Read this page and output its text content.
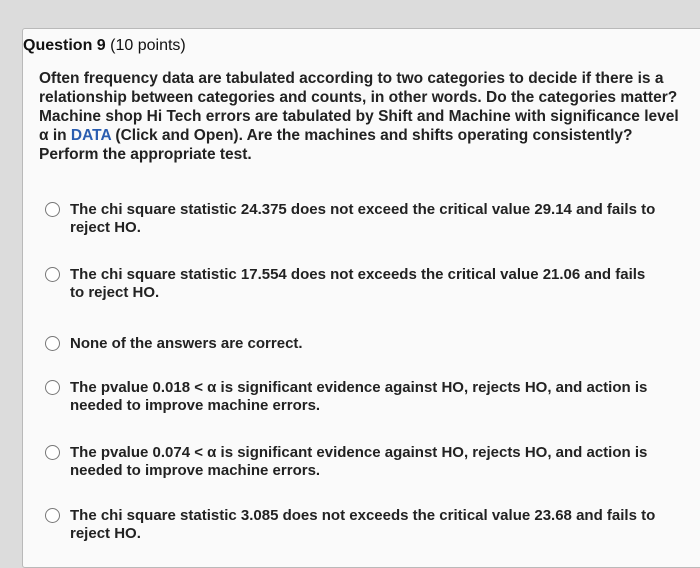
Question 9 (10 points)
Often frequency data are tabulated according to two categories to decide if there is a relationship between categories and counts, in other words. Do the categories matter? Machine shop Hi Tech errors are tabulated by Shift and Machine with significance level α in DATA (Click and Open). Are the machines and shifts operating consistently? Perform the appropriate test.
The chi square statistic 24.375 does not exceed the critical value 29.14 and fails to reject HO.
The chi square statistic 17.554 does not exceeds the critical value 21.06 and fails to reject HO.
None of the answers are correct.
The pvalue 0.018 < α is significant evidence against HO, rejects HO, and action is needed to improve machine errors.
The pvalue 0.074 < α is significant evidence against HO, rejects HO, and action is needed to improve machine errors.
The chi square statistic 3.085 does not exceeds the critical value 23.68 and fails to reject HO.
